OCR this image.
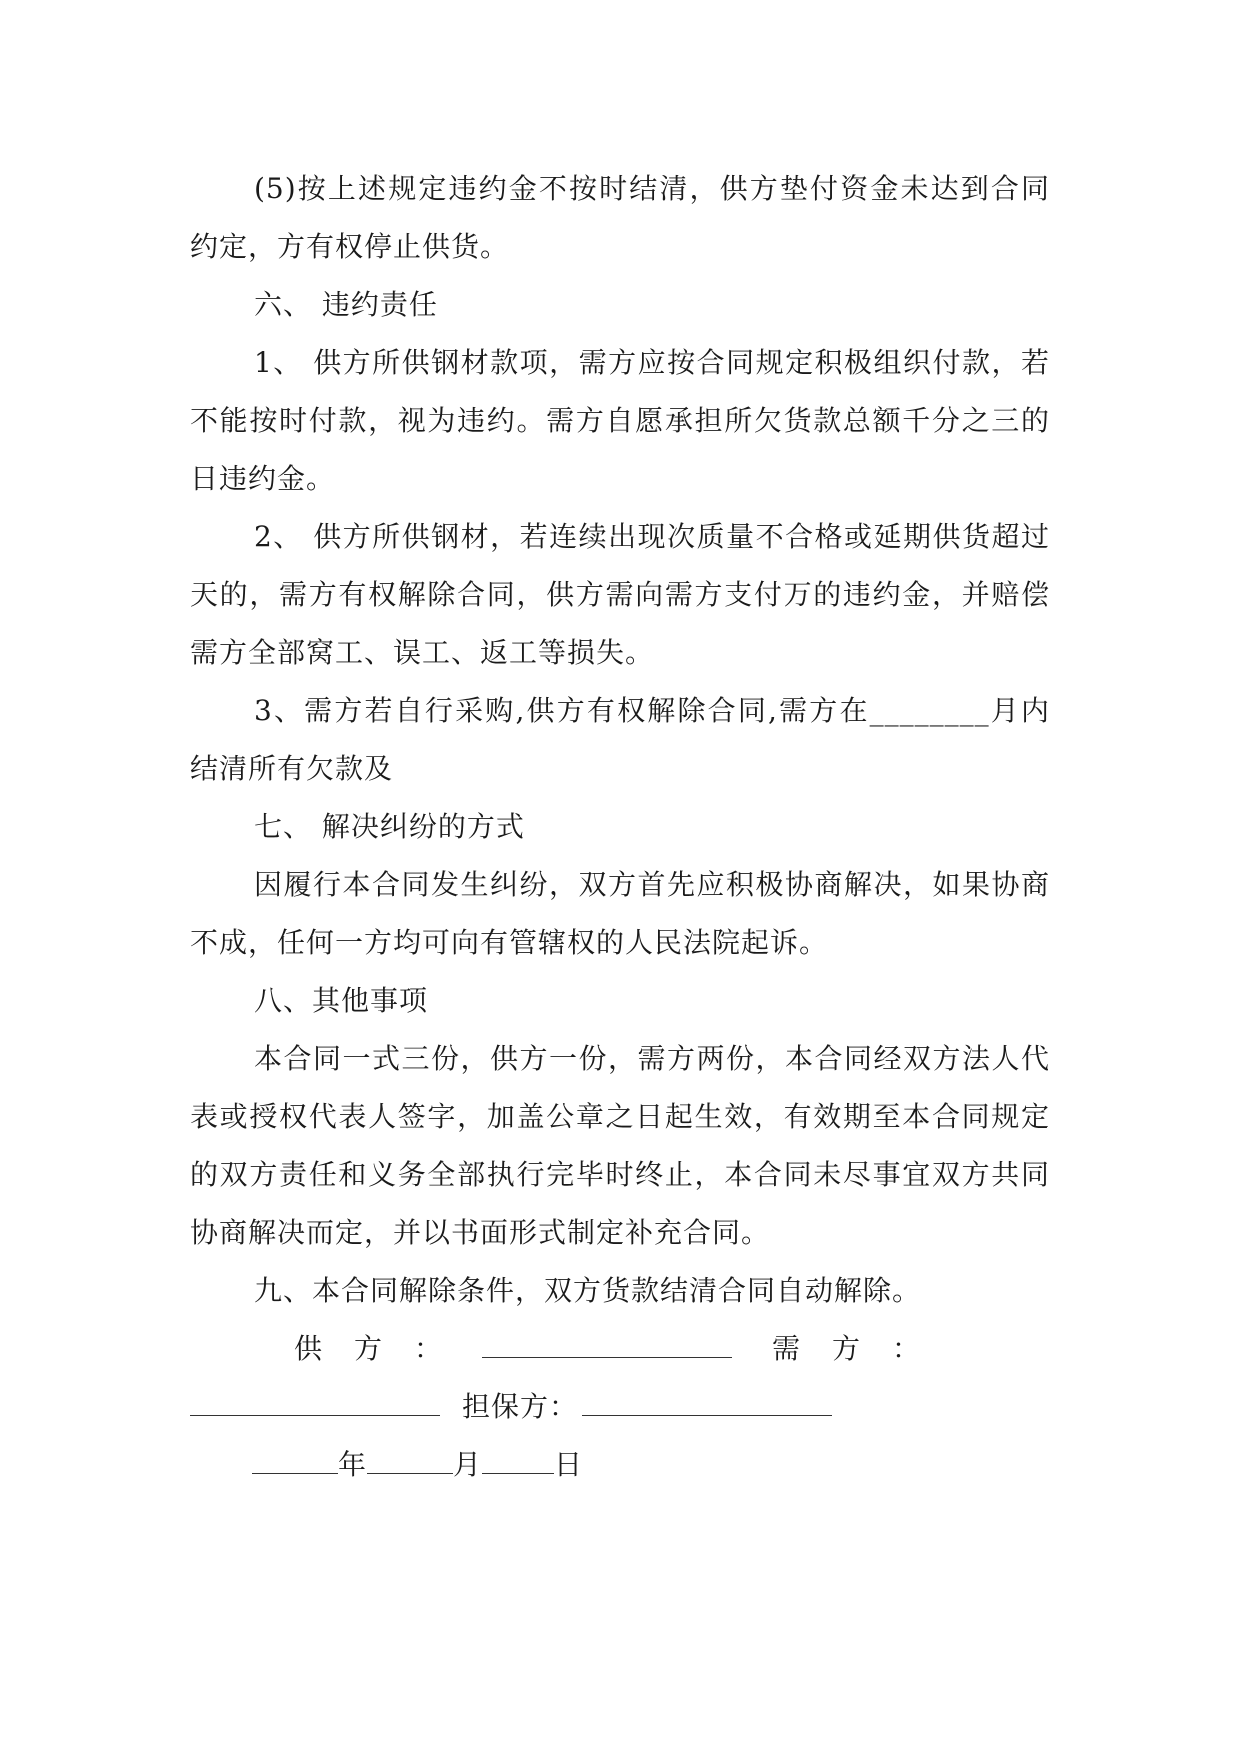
(5)按上述规定违约金不按时结清，供方垫付资金未达到合同约定，方有权停止供货。

六、 违约责任

1、 供方所供钢材款项，需方应按合同规定积极组织付款，若不能按时付款，视为违约。需方自愿承担所欠货款总额千分之三的日违约金。

2、 供方所供钢材，若连续出现次质量不合格或延期供货超过天的，需方有权解除合同，供方需向需方支付万的违约金，并赔偿需方全部窝工、误工、返工等损失。

3、需方若自行采购,供方有权解除合同,需方在________月内结清所有欠款及

七、 解决纠纷的方式

因履行本合同发生纠纷，双方首先应积极协商解决，如果协商不成，任何一方均可向有管辖权的人民法院起诉。

八、其他事项

本合同一式三份，供方一份，需方两份，本合同经双方法人代表或授权代表人签字，加盖公章之日起生效，有效期至本合同规定的双方责任和义务全部执行完毕时终止，本合同未尽事宜双方共同协商解决而定，并以书面形式制定补充合同。

九、本合同解除条件，双方货款结清合同自动解除。

供方：	需方：
担保方：
年	月	日
